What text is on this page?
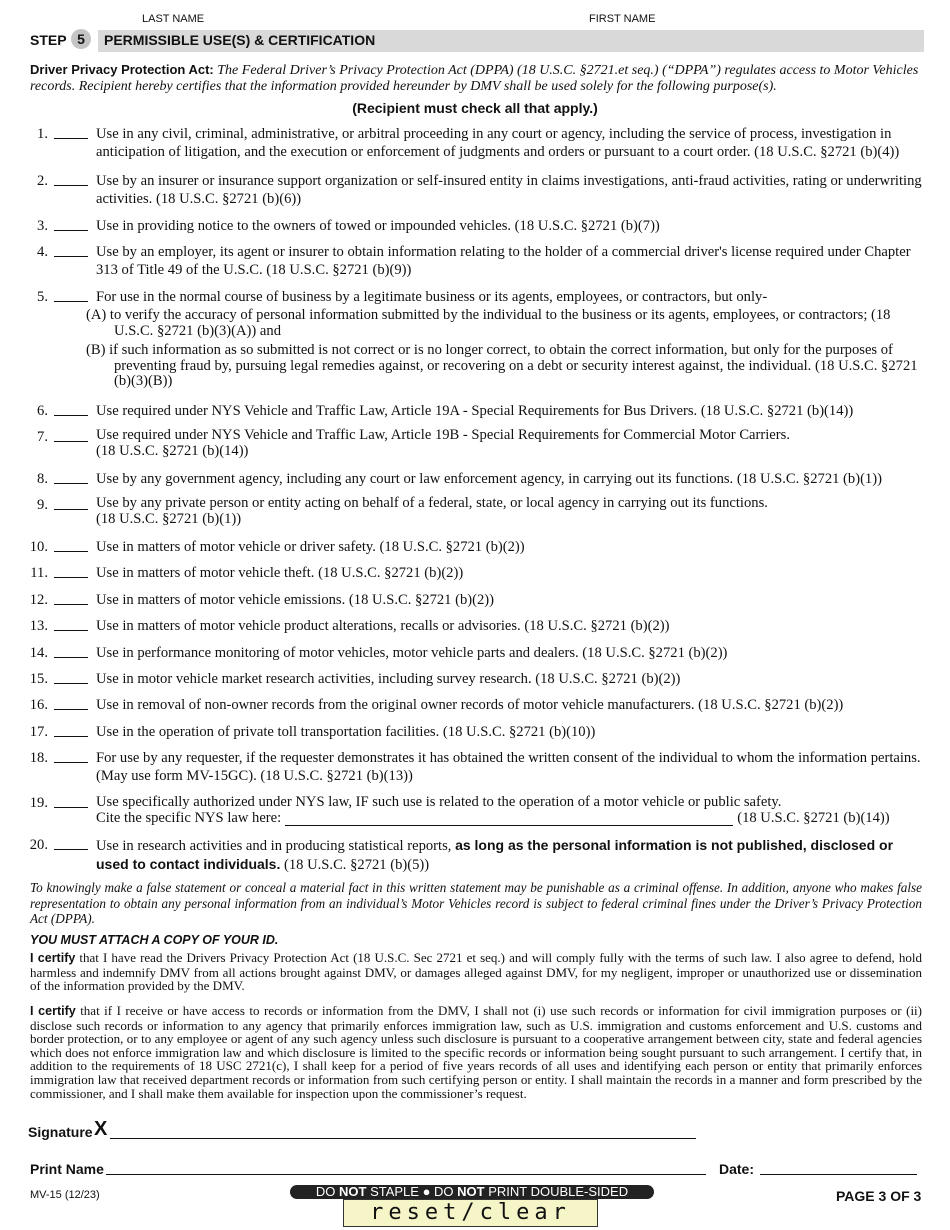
LAST NAME	FIRST NAME
STEP 5	PERMISSIBLE USE(S) & CERTIFICATION
Driver Privacy Protection Act: The Federal Driver’s Privacy Protection Act (DPPA) (18 U.S.C. §2721.et seq.) (“DPPA”) regulates access to Motor Vehicles records. Recipient hereby certifies that the information provided hereunder by DMV shall be used solely for the following purpose(s).
(Recipient must check all that apply.)
1.	Use in any civil, criminal, administrative, or arbitral proceeding in any court or agency, including the service of process, investigation in anticipation of litigation, and the execution or enforcement of judgments and orders or pursuant to a court order. (18 U.S.C. §2721 (b)(4))
2.	Use by an insurer or insurance support organization or self-insured entity in claims investigations, anti-fraud activities, rating or underwriting activities. (18 U.S.C. §2721 (b)(6))
3.	Use in providing notice to the owners of towed or impounded vehicles. (18 U.S.C. §2721 (b)(7))
4.	Use by an employer, its agent or insurer to obtain information relating to the holder of a commercial driver's license required under Chapter 313 of Title 49 of the U.S.C. (18 U.S.C. §2721 (b)(9))
5.	For use in the normal course of business by a legitimate business or its agents, employees, or contractors, but only-
(A) to verify the accuracy of personal information submitted by the individual to the business or its agents, employees, or contractors; (18 U.S.C. §2721 (b)(3)(A)) and
(B) if such information as so submitted is not correct or is no longer correct, to obtain the correct information, but only for the purposes of preventing fraud by, pursuing legal remedies against, or recovering on a debt or security interest against, the individual. (18 U.S.C. §2721 (b)(3)(B))
6.	Use required under NYS Vehicle and Traffic Law, Article 19A - Special Requirements for Bus Drivers. (18 U.S.C. §2721 (b)(14))
7.	Use required under NYS Vehicle and Traffic Law, Article 19B - Special Requirements for Commercial Motor Carriers.
(18 U.S.C. §2721 (b)(14))
8.	Use by any government agency, including any court or law enforcement agency, in carrying out its functions. (18 U.S.C. §2721 (b)(1))
9.	Use by any private person or entity acting on behalf of a federal, state, or local agency in carrying out its functions.
(18 U.S.C. §2721 (b)(1))
10.	Use in matters of motor vehicle or driver safety. (18 U.S.C. §2721 (b)(2))
11.	Use in matters of motor vehicle theft. (18 U.S.C. §2721 (b)(2))
12.	Use in matters of motor vehicle emissions. (18 U.S.C. §2721 (b)(2))
13.	Use in matters of motor vehicle product alterations, recalls or advisories. (18 U.S.C. §2721 (b)(2))
14.	Use in performance monitoring of motor vehicles, motor vehicle parts and dealers. (18 U.S.C. §2721 (b)(2))
15.	Use in motor vehicle market research activities, including survey research. (18 U.S.C. §2721 (b)(2))
16.	Use in removal of non-owner records from the original owner records of motor vehicle manufacturers. (18 U.S.C. §2721 (b)(2))
17.	Use in the operation of private toll transportation facilities. (18 U.S.C. §2721 (b)(10))
18.	For use by any requester, if the requester demonstrates it has obtained the written consent of the individual to whom the information pertains. (May use form MV-15GC). (18 U.S.C. §2721 (b)(13))
19.	Use specifically authorized under NYS law, IF such use is related to the operation of a motor vehicle or public safety.
Cite the specific NYS law here:	(18 U.S.C. §2721 (b)(14))
20.	Use in research activities and in producing statistical reports, as long as the personal information is not published, disclosed or used to contact individuals. (18 U.S.C. §2721 (b)(5))
To knowingly make a false statement or conceal a material fact in this written statement may be punishable as a criminal offense. In addition, anyone who makes false representation to obtain any personal information from an individual’s Motor Vehicles record is subject to federal criminal fines under the Driver’s Privacy Protection Act (DPPA).
YOU MUST ATTACH A COPY OF YOUR ID.
I certify that I have read the Drivers Privacy Protection Act (18 U.S.C. Sec 2721 et seq.) and will comply fully with the terms of such law. I also agree to defend, hold harmless and indemnify DMV from all actions brought against DMV, or damages alleged against DMV, for my negligent, improper or unauthorized use or dissemination of the information provided by the DMV.
I certify that if I receive or have access to records or information from the DMV, I shall not (i) use such records or information for civil immigration purposes or (ii) disclose such records or information to any agency that primarily enforces immigration law, such as U.S. immigration and customs enforcement and U.S. customs and border protection, or to any employee or agent of any such agency unless such disclosure is pursuant to a cooperative arrangement between city, state and federal agencies which does not enforce immigration law and which disclosure is limited to the specific records or information being sought pursuant to such arrangement. I certify that, in addition to the requirements of 18 USC 2721(c), I shall keep for a period of five years records of all uses and identifying each person or entity that primarily enforces immigration law that received department records or information from such certifying person or entity. I shall maintain the records in a manner and form prescribed by the commissioner, and I shall make them available for inspection upon the commissioner’s request.
Signature X
Print Name	Date:
MV-15 (12/23)	DO NOT STAPLE ● DO NOT PRINT DOUBLE-SIDED	PAGE 3 OF 3
reset/clear
